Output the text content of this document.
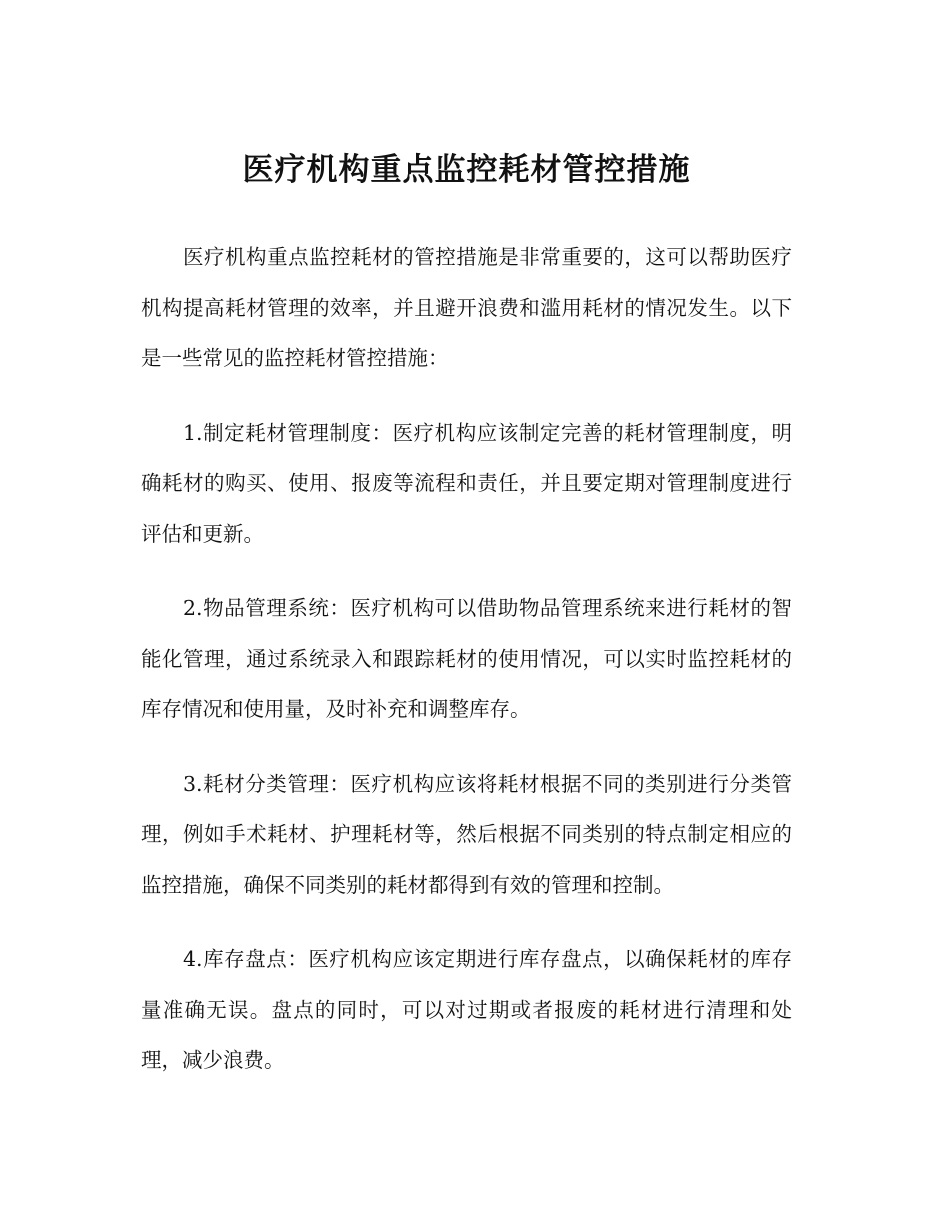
医疗机构重点监控耗材管控措施

医疗机构重点监控耗材的管控措施是非常重要的，这可以帮助医疗机构提高耗材管理的效率，并且避开浪费和滥用耗材的情况发生。以下是一些常见的监控耗材管控措施：

1.制定耗材管理制度：医疗机构应该制定完善的耗材管理制度，明确耗材的购买、使用、报废等流程和责任，并且要定期对管理制度进行评估和更新。

2.物品管理系统：医疗机构可以借助物品管理系统来进行耗材的智能化管理，通过系统录入和跟踪耗材的使用情况，可以实时监控耗材的库存情况和使用量，及时补充和调整库存。

3.耗材分类管理：医疗机构应该将耗材根据不同的类别进行分类管理，例如手术耗材、护理耗材等，然后根据不同类别的特点制定相应的监控措施，确保不同类别的耗材都得到有效的管理和控制。

4.库存盘点：医疗机构应该定期进行库存盘点，以确保耗材的库存量准确无误。盘点的同时，可以对过期或者报废的耗材进行清理和处理，减少浪费。
